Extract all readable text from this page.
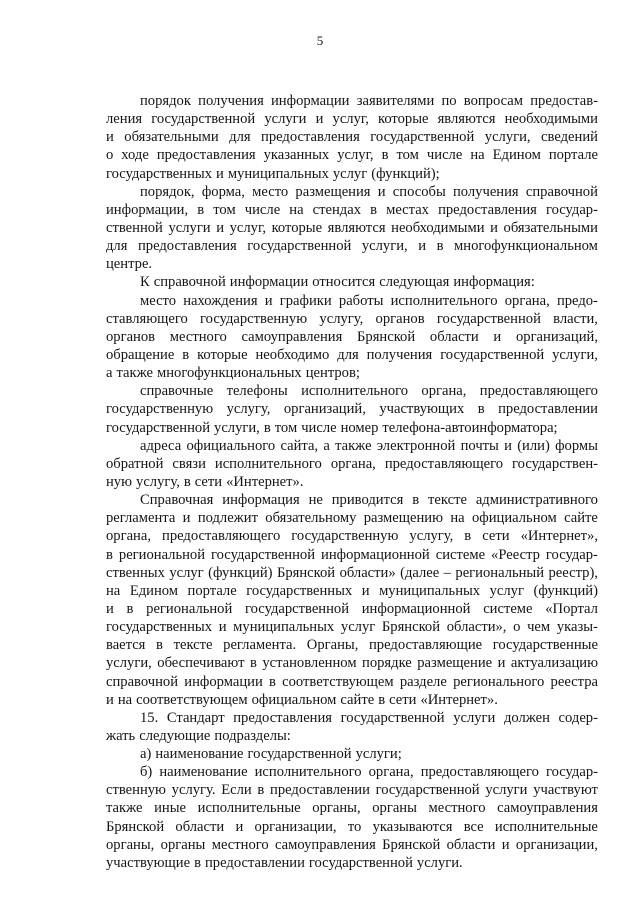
5
порядок получения информации заявителями по вопросам предостав-
ления государственной услуги и услуг, которые являются необходимыми
и обязательными для предоставления государственной услуги, сведений
о ходе предоставления указанных услуг, в том числе на Едином портале
государственных и муниципальных услуг (функций);
порядок, форма, место размещения и способы получения справочной
информации, в том числе на стендах в местах предоставления государ-
ственной услуги и услуг, которые являются необходимыми и обязательными
для предоставления государственной услуги, и в многофункциональном
центре.
К справочной информации относится следующая информация:
место нахождения и графики работы исполнительного органа, предо-
ставляющего государственную услугу, органов государственной власти,
органов местного самоуправления Брянской области и организаций,
обращение в которые необходимо для получения государственной услуги,
а также многофункциональных центров;
справочные телефоны исполнительного органа, предоставляющего
государственную услугу, организаций, участвующих в предоставлении
государственной услуги, в том числе номер телефона-автоинформатора;
адреса официального сайта, а также электронной почты и (или) формы
обратной связи исполнительного органа, предоставляющего государствен-
ную услугу, в сети «Интернет».
Справочная информация не приводится в тексте административного
регламента и подлежит обязательному размещению на официальном сайте
органа, предоставляющего государственную услугу, в сети «Интернет»,
в региональной государственной информационной системе «Реестр государ-
ственных услуг (функций) Брянской области» (далее – региональный реестр),
на Едином портале государственных и муниципальных услуг (функций)
и в региональной государственной информационной системе «Портал
государственных и муниципальных услуг Брянской области», о чем указы-
вается в тексте регламента. Органы, предоставляющие государственные
услуги, обеспечивают в установленном порядке размещение и актуализацию
справочной информации в соответствующем разделе регионального реестра
и на соответствующем официальном сайте в сети «Интернет».
15. Стандарт предоставления государственной услуги должен содер-
жать следующие подразделы:
а) наименование государственной услуги;
б) наименование исполнительного органа, предоставляющего государ-
ственную услугу. Если в предоставлении государственной услуги участвуют
также иные исполнительные органы, органы местного самоуправления
Брянской области и организации, то указываются все исполнительные
органы, органы местного самоуправления Брянской области и организации,
участвующие в предоставлении государственной услуги.
